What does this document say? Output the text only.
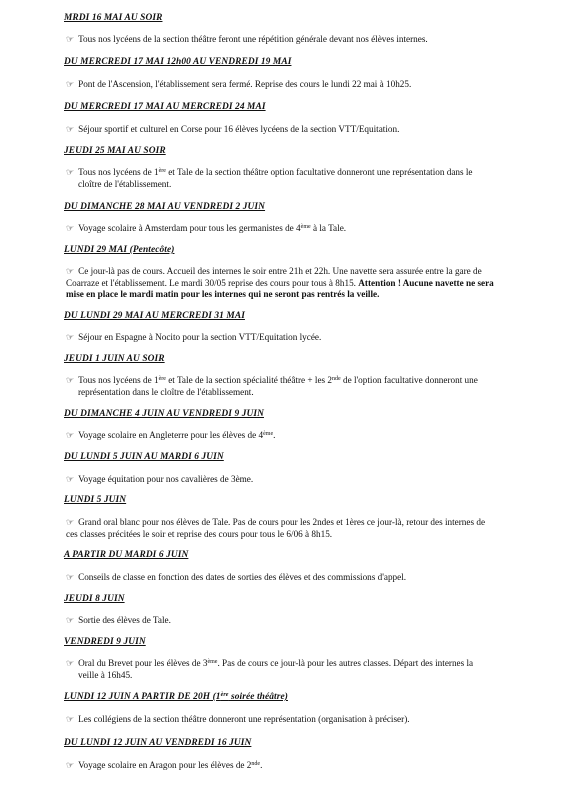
MRDI 16 MAI AU SOIR

☞ Tous nos lycéens de la section théâtre feront une répétition générale devant nos élèves internes.

DU MERCREDI 17 MAI 12h00 AU VENDREDI 19 MAI

☞ Pont de l'Ascension, l'établissement sera fermé. Reprise des cours le lundi 22 mai à 10h25.

DU MERCREDI 17 MAI AU MERCREDI 24 MAI

☞ Séjour sportif et culturel en Corse pour 16 élèves lycéens de la section VTT/Equitation.

JEUDI 25 MAI AU SOIR

☞ Tous nos lycéens de 1ère et Tale de la section théâtre option facultative donneront une représentation dans le
cloître de l'établissement.

DU DIMANCHE 28 MAI AU VENDREDI 2 JUIN

☞ Voyage scolaire à Amsterdam pour tous les germanistes de 4ème à la Tale.

LUNDI 29 MAI (Pentecôte)

☞ Ce jour-là pas de cours. Accueil des internes le soir entre 21h et 22h. Une navette sera assurée entre la gare de Coarraze et l'établissement. Le mardi 30/05 reprise des cours pour tous à 8h15. Attention ! Aucune navette ne sera mise en place le mardi matin pour les internes qui ne seront pas rentrés la veille.

DU LUNDI 29 MAI AU MERCREDI 31 MAI

☞ Séjour en Espagne à Nocito pour la section VTT/Equitation lycée.

JEUDI 1 JUIN AU SOIR

☞ Tous nos lycéens de 1ère et Tale de la section spécialité théâtre + les 2nde de l'option facultative donneront une
représentation dans le cloître de l'établissement.

DU DIMANCHE 4 JUIN AU VENDREDI 9 JUIN

☞ Voyage scolaire en Angleterre pour les élèves de 4ème.

DU LUNDI 5 JUIN AU MARDI 6 JUIN

☞ Voyage équitation pour nos cavalières de 3ème.

LUNDI 5 JUIN

☞ Grand oral blanc pour nos élèves de Tale. Pas de cours pour les 2ndes et 1ères ce jour-là, retour des internes de ces classes précitées le soir et reprise des cours pour tous le 6/06 à 8h15.

A PARTIR DU MARDI 6 JUIN

☞ Conseils de classe en fonction des dates de sorties des élèves et des commissions d'appel.

JEUDI 8 JUIN

☞ Sortie des élèves de Tale.

VENDREDI 9 JUIN

☞ Oral du Brevet pour les élèves de 3ème. Pas de cours ce jour-là pour les autres classes. Départ des internes la
veille à 16h45.

LUNDI 12 JUIN A PARTIR DE 20H (1ère soirée théâtre)

☞ Les collégiens de la section théâtre donneront une représentation (organisation à préciser).

DU LUNDI 12 JUIN AU VENDREDI 16 JUIN

☞ Voyage scolaire en Aragon pour les élèves de 2nde.
